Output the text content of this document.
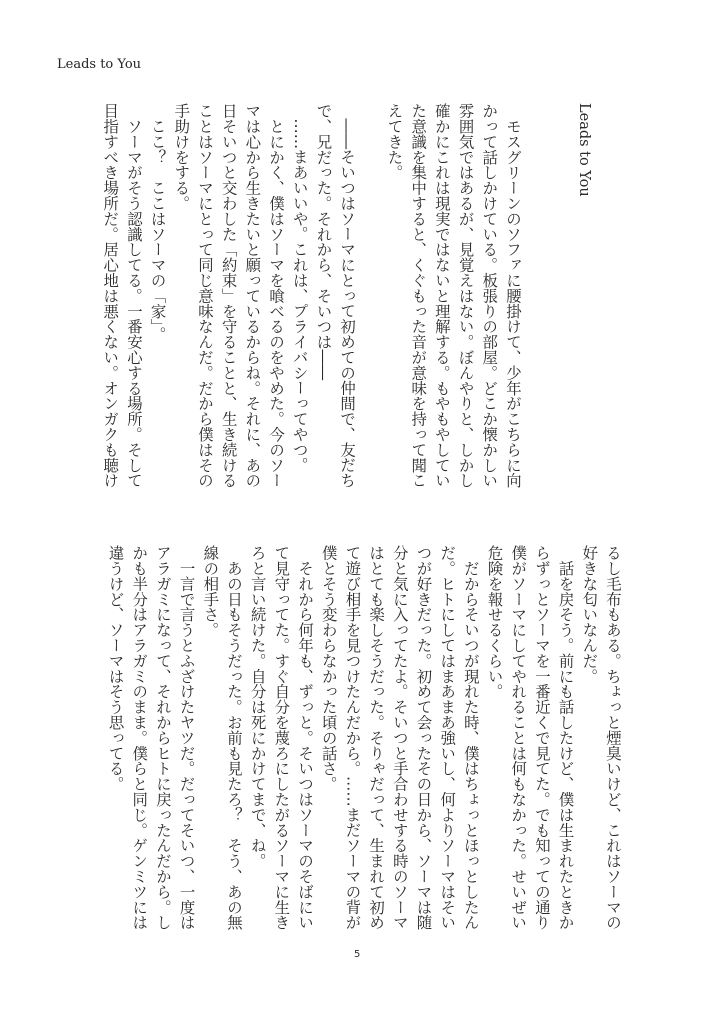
Leads to You
Leads to You
　モスグリーンのソファに腰掛けて、少年がこちらに向
かって話しかけている。板張りの部屋。どこか懐かしい
雰囲気ではあるが、見覚えはない。ぼんやりと、しかし
確かにこれは現実ではないと理解する。もやもやしてい
た意識を集中すると、くぐもった音が意味を持って聞こ
えてきた。
　――そいつはソーマにとって初めての仲間で、友だち
で、兄だった。それから、そいつは――
　……まあいいや。これは、プライバシーってやつ。
　とにかく、僕はソーマを喰べるのをやめた。今のソー
マは心から生きたいと願っているからね。それに、あの
日そいつと交わした「約束」を守ることと、生き続ける
ことはソーマにとって同じ意味なんだ。だから僕はその
手助けをする。
　ここ？　ここはソーマの「家」。
　ソーマがそう認識してる。一番安心する場所。そして
目指すべき場所だ。居心地は悪くない。オンガクも聴け
るし毛布もある。ちょっと煙臭いけど、これはソーマの
好きな匂いなんだ。
　話を戻そう。前にも話したけど、僕は生まれたときか
らずっとソーマを一番近くで見てた。でも知っての通り
僕がソーマにしてやれることは何もなかった。せいぜい
危険を報せるくらい。
　だからそいつが現れた時、僕はちょっとほっとしたん
だ。ヒトにしてはまあまあ強いし、何よりソーマはそい
つが好きだった。初めて会ったその日から、ソーマは随
分と気に入ってたよ。そいつと手合わせする時のソーマ
はとても楽しそうだった。そりゃだって、生まれて初め
て遊び相手を見つけたんだから。……まだソーマの背が
僕とそう変わらなかった頃の話さ。
　それから何年も、ずっと。そいつはソーマのそばにい
て見守ってた。すぐ自分を蔑ろにしたがるソーマに生き
ろと言い続けた。自分は死にかけてまで、ね。
　あの日もそうだった。お前も見たろ？　そう、あの無
線の相手さ。
　一言で言うとふざけたヤツだ。だってそいつ、一度は
アラガミになって、それからヒトに戻ったんだから。し
かも半分はアラガミのまま。僕らと同じ。ゲンミツには
違うけど、ソーマはそう思ってる。
5
